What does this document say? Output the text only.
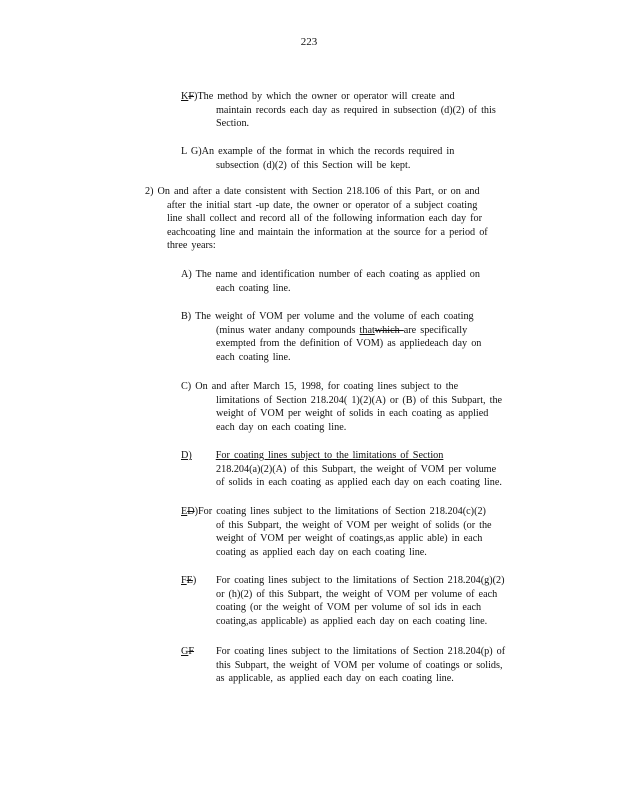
223
KF)The method by which the owner or operator will create and
maintain records each day as required in subsection (d)(2) of this
Section.
L G)An example of the format in which the records required in
subsection (d)(2) of this Section will be kept.
2) On and after a date consistent with Section 218.106 of this Part, or on and
after the initial start -up date, the owner or operator of a subject coating
line shall collect and record all of the following information each day for
eachcoating line and maintain the information at the source for a period of
three years:
A) The name and identification number of each coating as applied on
each coating line.
B) The weight of VOM per volume and the volume of each coating
(minus water andany compounds thatwhich are specifically
exempted from the definition of VOM) as appliedeach day on
each coating line.
C) On and after March 15, 1998, for coating lines subject to the
limitations of Section 218.204( 1)(2)(A) or (B) of this Subpart, the
weight of VOM per weight of solids in each coating as applied
each day on each coating line.
D) For coating lines subject to the limitations of Section
218.204(a)(2)(A) of this Subpart, the weight of VOM per volume
of solids in each coating as applied each day on each coating line.
ED)For coating lines subject to the limitations of Section 218.204(c)(2)
of this Subpart, the weight of VOM per weight of solids (or the
weight of VOM per weight of coatings,as applic able) in each
coating as applied each day on each coating line.
FE) For coating lines subject to the limitations of Section 218.204(g)(2)
or (h)(2) of this Subpart, the weight of VOM per volume of each
coating (or the weight of VOM per volume of sol ids in each
coating,as applicable) as applied each day on each coating line.
GF For coating lines subject to the limitations of Section 218.204(p) of
this Subpart, the weight of VOM per volume of coatings or solids,
as applicable, as applied each day on each coating line.
